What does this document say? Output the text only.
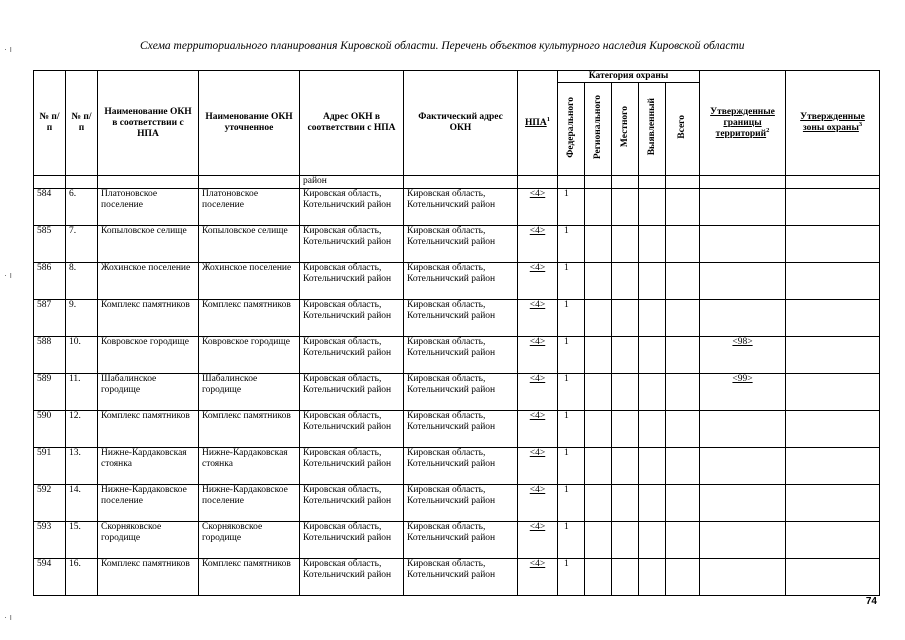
· ı
· ı
· ı
Схема территориального планирования Кировской области. Перечень объектов культурного наследия Кировской области
№ п/п	№ п/п	Наименование ОКН в соответствии с НПА	Наименование ОКН уточненное	Адрес ОКН в соответствии с НПА	Фактический адрес ОКН	НПА$^1$	Категория охраны					Утвержденные границы территорий$^2$	Утвержденные зоны охраны$^3$
							Федерального	Регионального	Местного	Выявленный	Всего		
				район									
584	6.	Платоновское поселение	Платоновское поселение	Кировская область, Котельничский район	Кировская область, Котельничский район	<4>	1						
585	7.	Копыловское селище	Копыловское селище	Кировская область, Котельничский район	Кировская область, Котельничский район	<4>	1						
586	8.	Жохинское поселение	Жохинское поселение	Кировская область, Котельничский район	Кировская область, Котельничский район	<4>	1						
587	9.	Комплекс памятников	Комплекс памятников	Кировская область, Котельничский район	Кировская область, Котельничский район	<4>	1						
588	10.	Ковровское городище	Ковровское городище	Кировская область, Котельничский район	Кировская область, Котельничский район	<4>	1					<98>	
589	11.	Шабалинское городище	Шабалинское городище	Кировская область, Котельничский район	Кировская область, Котельничский район	<4>	1					<99>	
590	12.	Комплекс памятников	Комплекс памятников	Кировская область, Котельничский район	Кировская область, Котельничский район	<4>	1						
591	13.	Нижне-Кардаковская стоянка	Нижне-Кардаковская стоянка	Кировская область, Котельничский район	Кировская область, Котельничский район	<4>	1						
592	14.	Нижне-Кардаковское поселение	Нижне-Кардаковское поселение	Кировская область, Котельничский район	Кировская область, Котельничский район	<4>	1						
593	15.	Скорняковское городище	Скорняковское городище	Кировская область, Котельничский район	Кировская область, Котельничский район	<4>	1						
594	16.	Комплекс памятников	Комплекс памятников	Кировская область, Котельничский район	Кировская область, Котельничский район	<4>	1						
74
